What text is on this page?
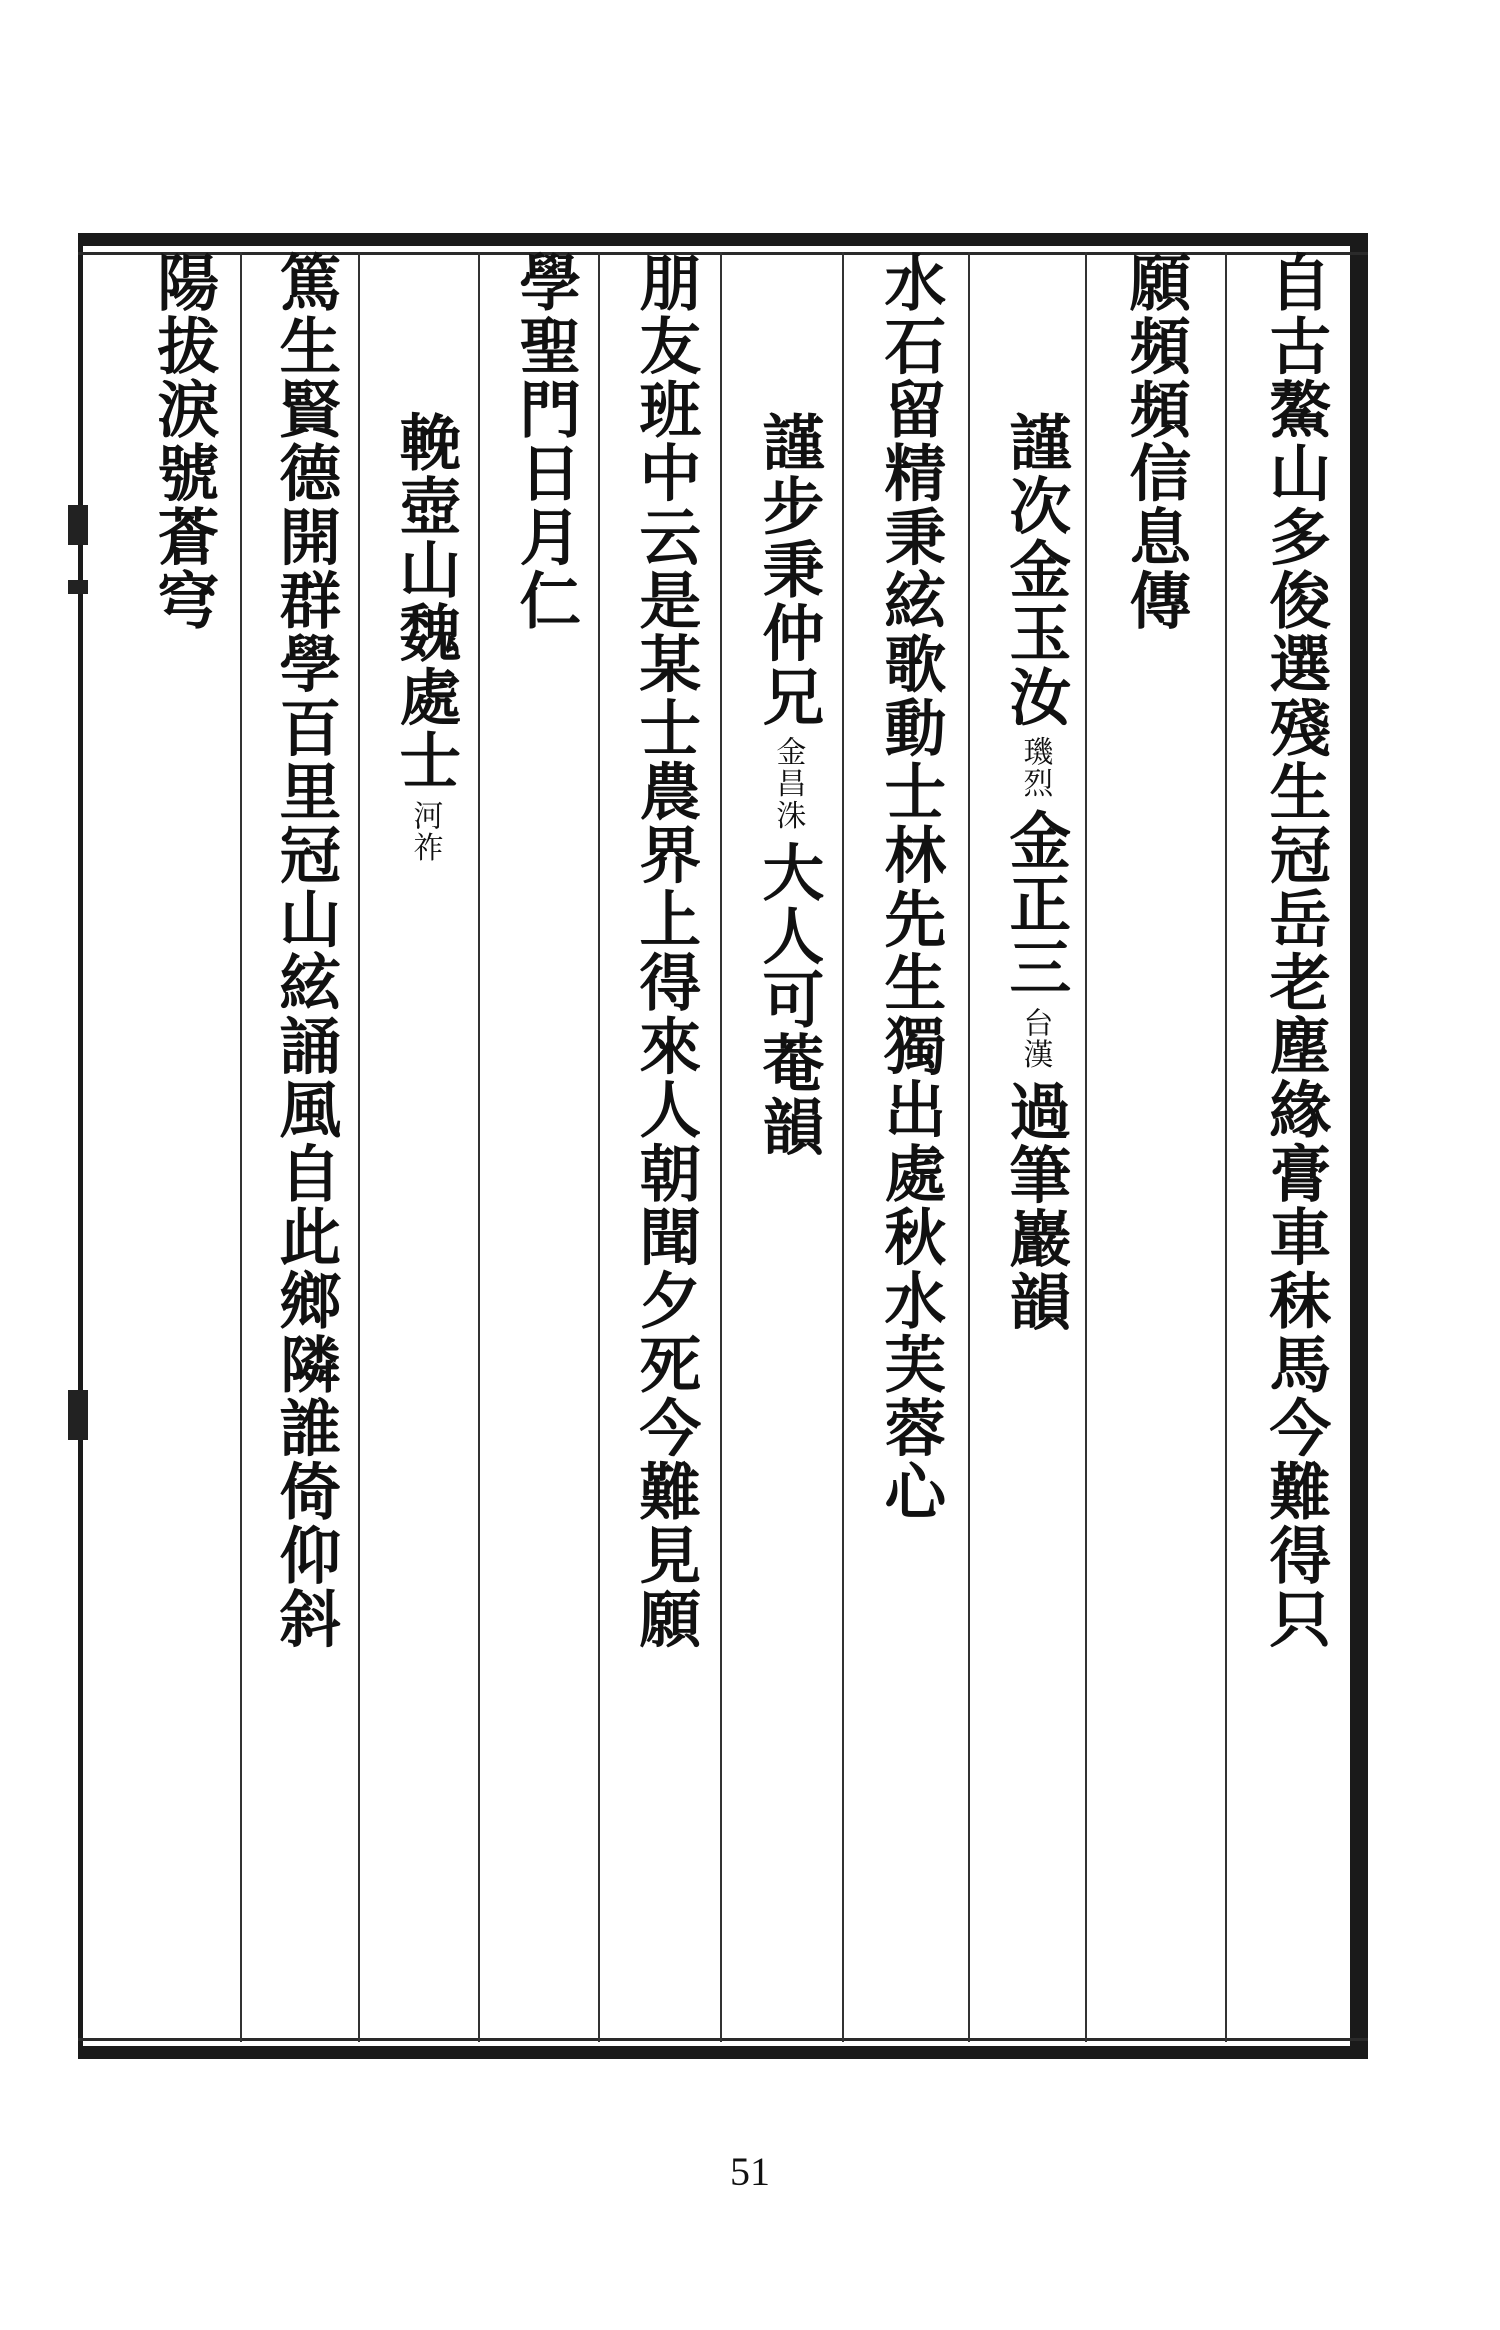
自古鰲山多俊選殘生冠岳老塵緣膏車秣馬今難得只
願頻頻信息傳
謹次金玉汝
璣烈
金正三
台漢
過筆巖韻
水石留精秉絃歌動士林先生獨出處秋水芙蓉心
謹步秉仲兄
金昌洙
大人可菴韻
朋友班中云是某士農界上得來人朝聞夕死今難見願
學聖門日月仁
輓壺山魏處士
河祚
篤生賢德開群學百里冠山絃誦風自此鄉隣誰倚仰斜
陽拔淚號蒼穹
51
